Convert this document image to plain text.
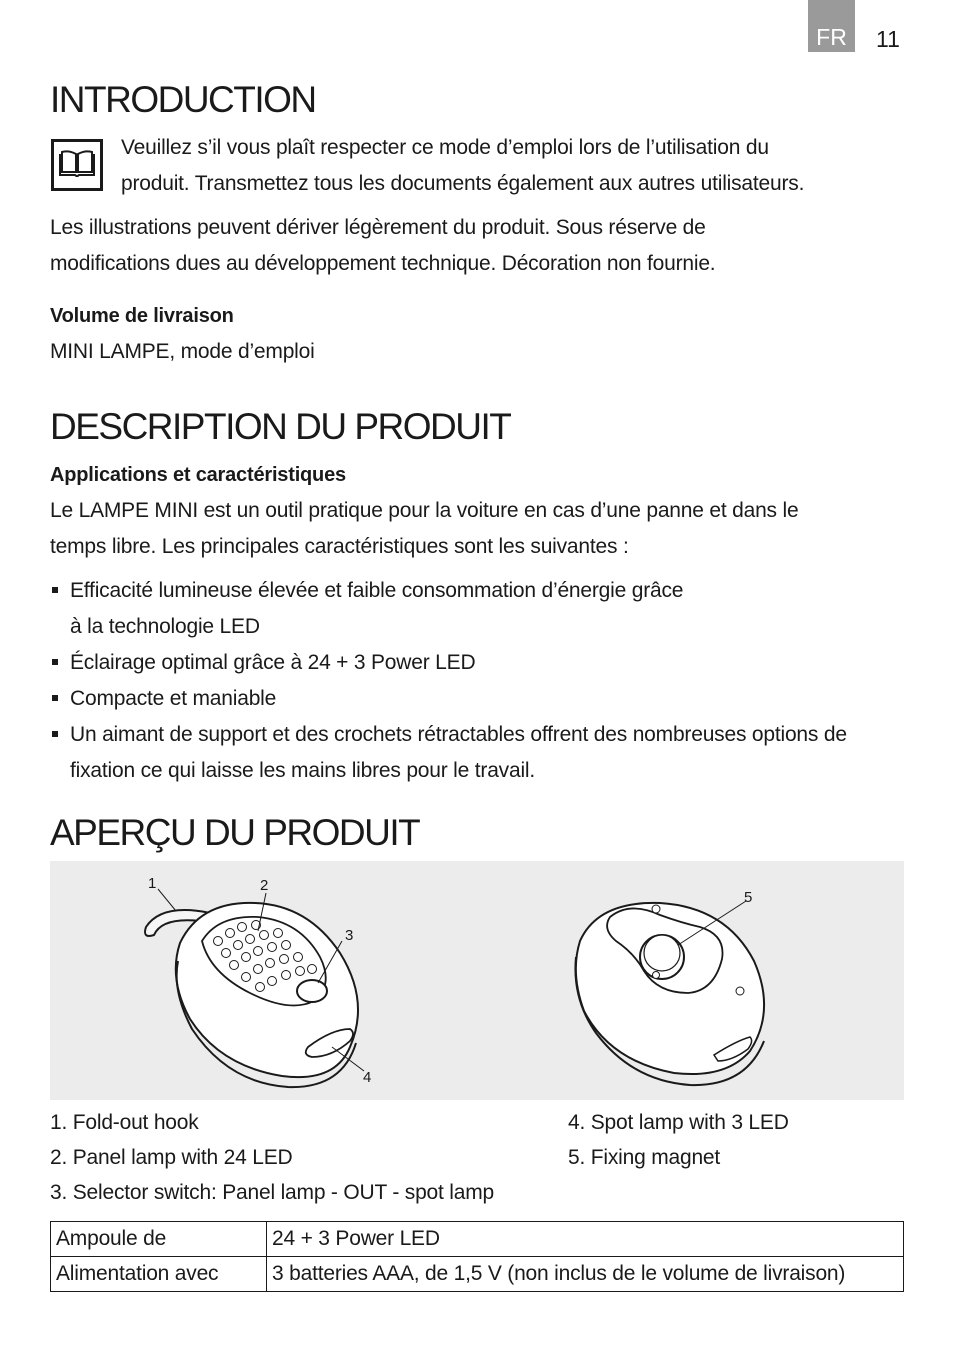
FR 11
INTRODUCTION
Veuillez s’il vous plaît respecter ce mode d’emploi lors de l’utilisation du
produit. Transmettez tous les documents également aux autres utilisateurs.
Les illustrations peuvent dériver légèrement du produit. Sous réserve de
modifications dues au développement technique. Décoration non fournie.
Volume de livraison
MINI LAMPE, mode d’emploi
DESCRIPTION DU PRODUIT
Applications et caractéristiques
Le LAMPE MINI est un outil pratique pour la voiture en cas d’une panne et dans le
temps libre. Les principales caractéristiques sont les suivantes :
Efficacité lumineuse élevée et faible consommation d’énergie grâce
à la technologie LED
Éclairage optimal grâce à 24 + 3 Power LED
Compacte et maniable
Un aimant de support et des crochets rétractables offrent des nombreuses options de
fixation ce qui laisse les mains libres pour le travail.
APERÇU DU PRODUIT
1	2
3
4
5
1. Fold-out hook
2. Panel lamp with 24 LED
3. Selector switch: Panel lamp - OUT - spot lamp
4. Spot lamp with 3 LED
5. Fixing magnet
Ampoule de	24 + 3 Power LED
Alimentation avec	3 batteries AAA, de 1,5 V (non inclus de le volume de livraison)
